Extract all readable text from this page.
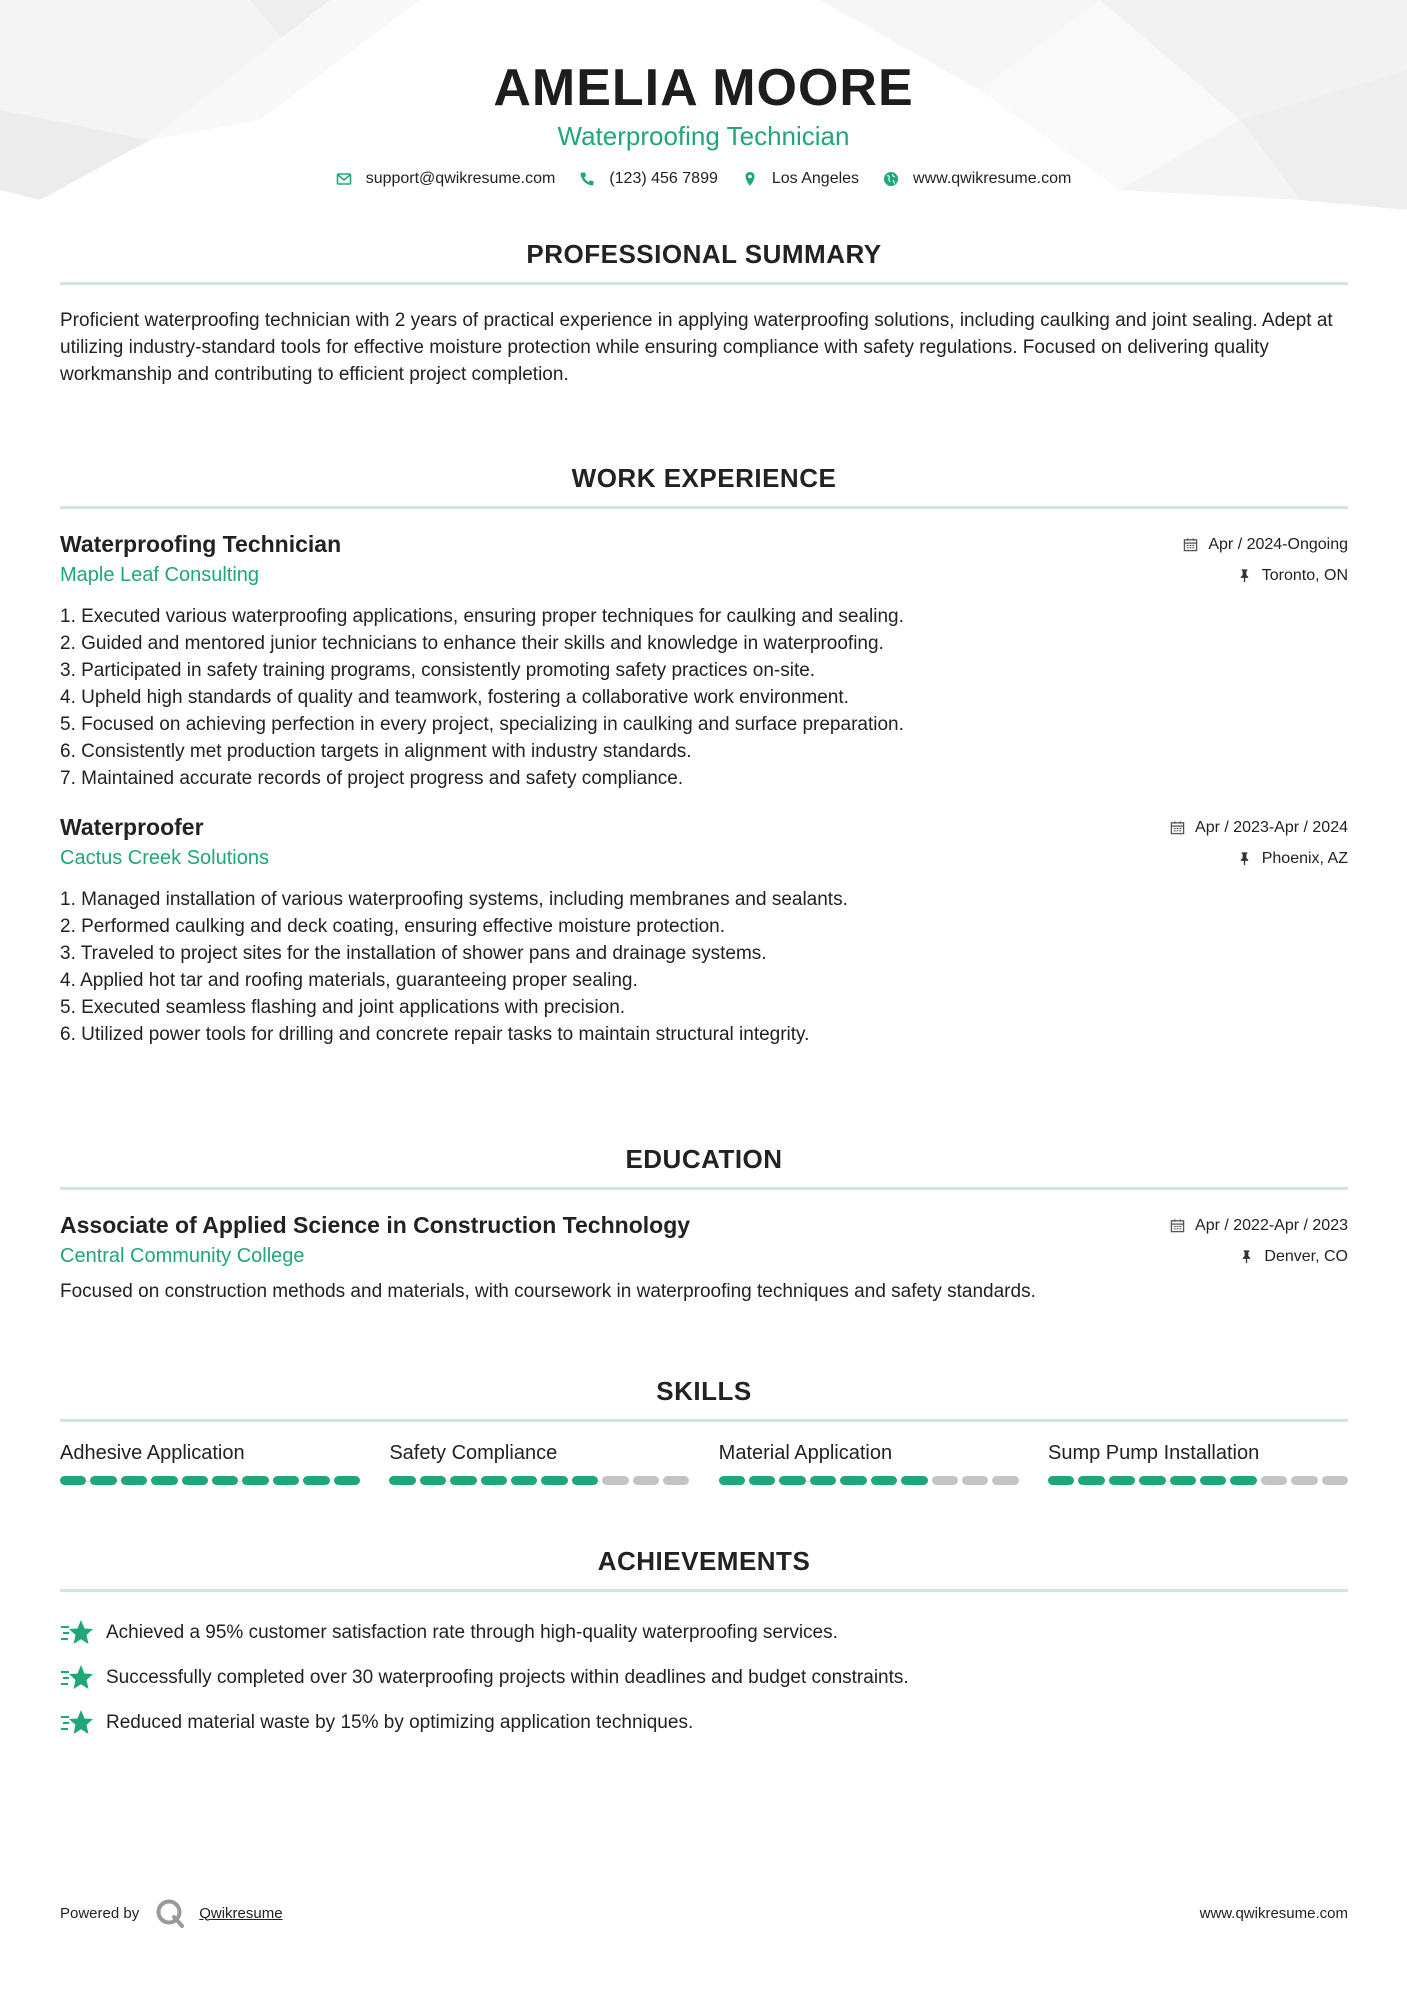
AMELIA MOORE
Waterproofing Technician
support@qwikresume.com	(123) 456 7899	Los Angeles	www.qwikresume.com
PROFESSIONAL SUMMARY
Proficient waterproofing technician with 2 years of practical experience in applying waterproofing solutions, including caulking and joint sealing. Adept at utilizing industry-standard tools for effective moisture protection while ensuring compliance with safety regulations. Focused on delivering quality workmanship and contributing to efficient project completion.
WORK EXPERIENCE
Waterproofing Technician	Apr / 2024-Ongoing
Maple Leaf Consulting	Toronto, ON
1. Executed various waterproofing applications, ensuring proper techniques for caulking and sealing.
2. Guided and mentored junior technicians to enhance their skills and knowledge in waterproofing.
3. Participated in safety training programs, consistently promoting safety practices on-site.
4. Upheld high standards of quality and teamwork, fostering a collaborative work environment.
5. Focused on achieving perfection in every project, specializing in caulking and surface preparation.
6. Consistently met production targets in alignment with industry standards.
7. Maintained accurate records of project progress and safety compliance.
Waterproofer	Apr / 2023-Apr / 2024
Cactus Creek Solutions	Phoenix, AZ
1. Managed installation of various waterproofing systems, including membranes and sealants.
2. Performed caulking and deck coating, ensuring effective moisture protection.
3. Traveled to project sites for the installation of shower pans and drainage systems.
4. Applied hot tar and roofing materials, guaranteeing proper sealing.
5. Executed seamless flashing and joint applications with precision.
6. Utilized power tools for drilling and concrete repair tasks to maintain structural integrity.
EDUCATION
Associate of Applied Science in Construction Technology	Apr / 2022-Apr / 2023
Central Community College	Denver, CO
Focused on construction methods and materials, with coursework in waterproofing techniques and safety standards.
SKILLS
Adhesive Application	Safety Compliance	Material Application	Sump Pump Installation
ACHIEVEMENTS
Achieved a 95% customer satisfaction rate through high-quality waterproofing services.
Successfully completed over 30 waterproofing projects within deadlines and budget constraints.
Reduced material waste by 15% by optimizing application techniques.
Powered by	Qwikresume	www.qwikresume.com
